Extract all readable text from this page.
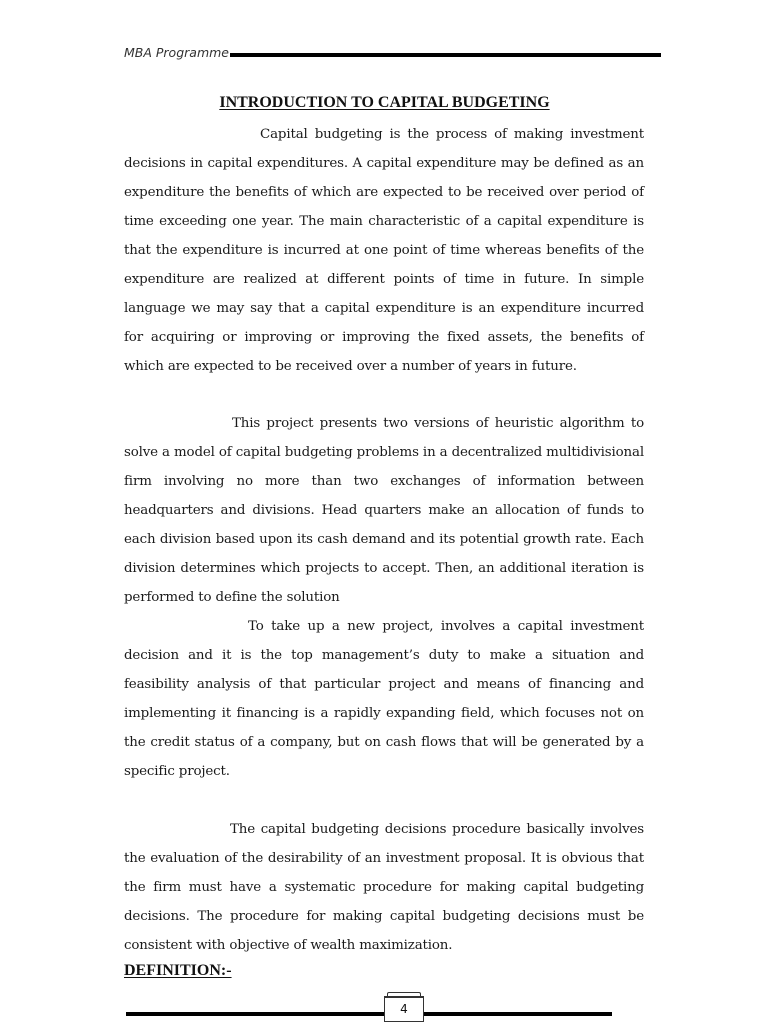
MBA Programme
INTRODUCTION TO CAPITAL BUDGETING

Capital budgeting is the process of making investment decisions in capital expenditures. A capital expenditure may be defined as an expenditure the benefits of which are expected to be received over period of time exceeding one year. The main characteristic of a capital expenditure is that the expenditure is incurred at one point of time whereas benefits of the expenditure are realized at different points of time in future. In simple language we may say that a capital expenditure is an expenditure incurred for acquiring or improving or improving the fixed assets, the benefits of which are expected to be received over a number of years in future.

This project presents two versions of heuristic algorithm to solve a model of capital budgeting problems in a decentralized multidivisional firm involving no more than two exchanges of information between headquarters and divisions. Head quarters make an allocation of funds to each division based upon its cash demand and its potential growth rate. Each division determines which projects to accept. Then, an additional iteration is performed to define the solution

To take up a new project, involves a capital investment decision and it is the top management’s duty to make a situation and feasibility analysis of that particular project and means of financing and implementing it financing is a rapidly expanding field, which focuses not on the credit status of a company, but on cash flows that will be generated by a specific project.

The capital budgeting decisions procedure basically involves the evaluation of the desirability of an investment proposal. It is obvious that the firm must have a systematic procedure for making capital budgeting decisions. The procedure for making capital budgeting decisions must be consistent with objective of wealth maximization.

DEFINITION:-
4
